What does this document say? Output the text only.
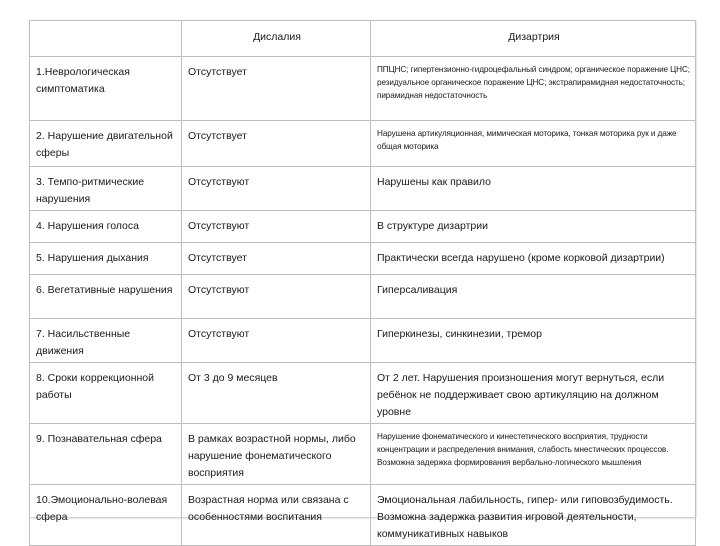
	Дислалия	Дизартрия
1.Неврологическая симптоматика	Отсутствует	ППЦНС; гипертензионно-гидроцефальный синдром; органическое поражение ЦНС; резидуальное органическое поражение ЦНС; экстрапирамидная недостаточность; пирамидная недостаточность
2. Нарушение двигательной сферы	Отсутствует	Нарушена артикуляционная, мимическая моторика, тонкая моторика рук и даже общая моторика
3. Темпо-ритмические нарушения	Отсутствуют	Нарушены как правило
4. Нарушения голоса	Отсутствуют	В структуре дизартрии
5. Нарушения дыхания	Отсутствует	Практически всегда нарушено (кроме корковой дизартрии)
6. Вегетативные нарушения	Отсутствуют	Гиперсаливация
7. Насильственные движения	Отсутствуют	Гиперкинезы, синкинезии, тремор
8. Сроки коррекционной работы	От 3 до 9 месяцев	От 2 лет. Нарушения произношения могут вернуться, если ребёнок не поддерживает свою артикуляцию на должном уровне
9. Познавательная сфера	В рамках возрастной нормы, либо нарушение фонематического восприятия	Нарушение фонематического и кинестетического восприятия, трудности концентрации и распределения внимания, слабость мнестических процессов. Возможна задержка формирования вербально-логического мышления
10.Эмоционально-волевая сфера	Возрастная норма или связана с особенностями воспитания	Эмоциональная лабильность, гипер- или гиповозбудимость. Возможна задержка развития игровой деятельности, коммуникативных навыков
